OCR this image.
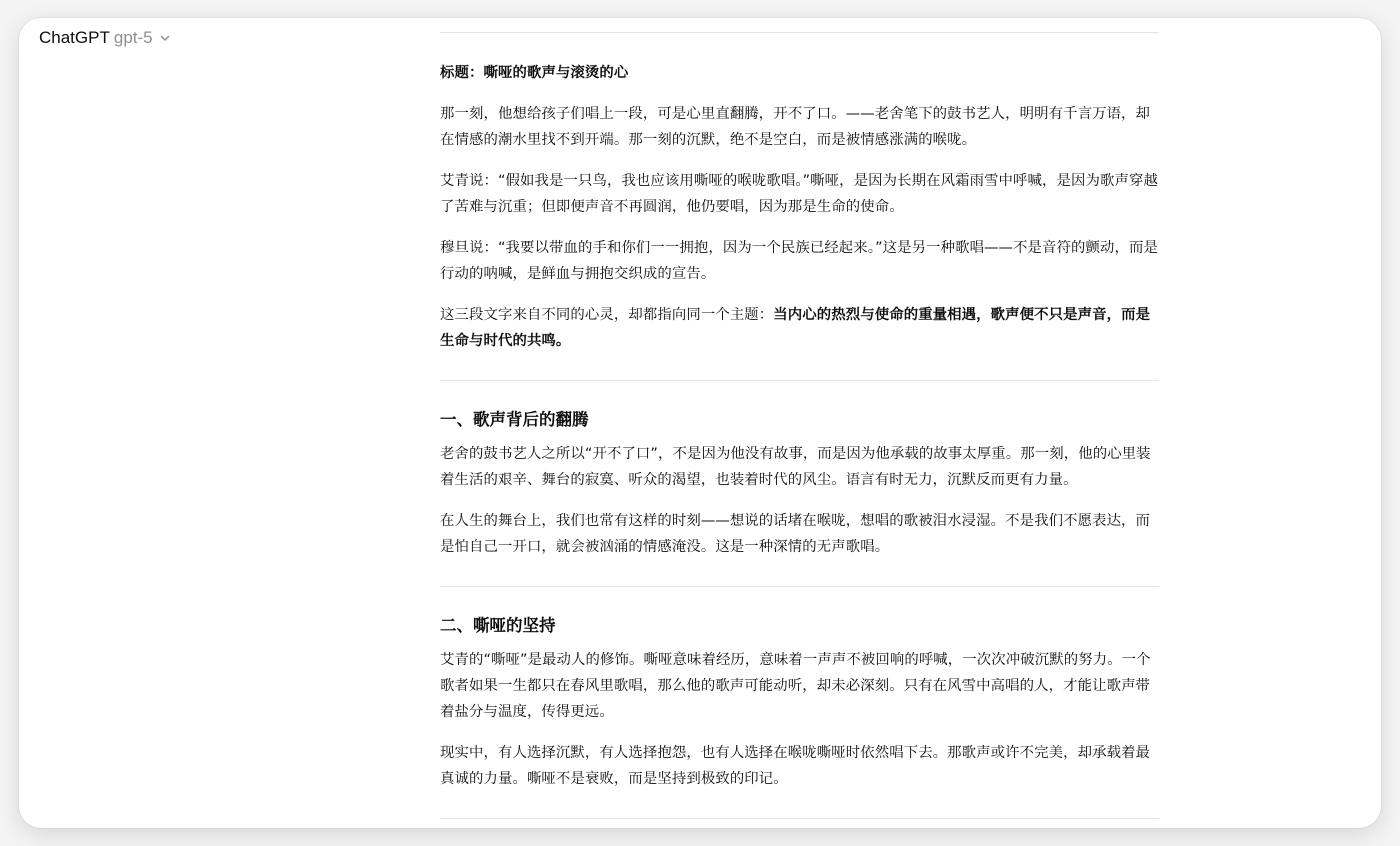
ChatGPT gpt-5

标题：嘶哑的歌声与滚烫的心

那一刻，他想给孩子们唱上一段，可是心里直翻腾，开不了口。——老舍笔下的鼓书艺人，明明有千言万语，却在情感的潮水里找不到开端。那一刻的沉默，绝不是空白，而是被情感涨满的喉咙。

艾青说：“假如我是一只鸟，我也应该用嘶哑的喉咙歌唱。”嘶哑，是因为长期在风霜雨雪中呼喊，是因为歌声穿越了苦难与沉重；但即便声音不再圆润，他仍要唱，因为那是生命的使命。

穆旦说：“我要以带血的手和你们一一拥抱，因为一个民族已经起来。”这是另一种歌唱——不是音符的颤动，而是行动的呐喊，是鲜血与拥抱交织成的宣告。

这三段文字来自不同的心灵，却都指向同一个主题：当内心的热烈与使命的重量相遇，歌声便不只是声音，而是生命与时代的共鸣。

一、歌声背后的翻腾

老舍的鼓书艺人之所以“开不了口”，不是因为他没有故事，而是因为他承载的故事太厚重。那一刻，他的心里装着生活的艰辛、舞台的寂寞、听众的渴望，也装着时代的风尘。语言有时无力，沉默反而更有力量。

在人生的舞台上，我们也常有这样的时刻——想说的话堵在喉咙，想唱的歌被泪水浸湿。不是我们不愿表达，而是怕自己一开口，就会被汹涌的情感淹没。这是一种深情的无声歌唱。

二、嘶哑的坚持

艾青的“嘶哑”是最动人的修饰。嘶哑意味着经历，意味着一声声不被回响的呼喊，一次次冲破沉默的努力。一个歌者如果一生都只在春风里歌唱，那么他的歌声可能动听，却未必深刻。只有在风雪中高唱的人，才能让歌声带着盐分与温度，传得更远。

现实中，有人选择沉默，有人选择抱怨，也有人选择在喉咙嘶哑时依然唱下去。那歌声或许不完美，却承载着最真诚的力量。嘶哑不是衰败，而是坚持到极致的印记。
